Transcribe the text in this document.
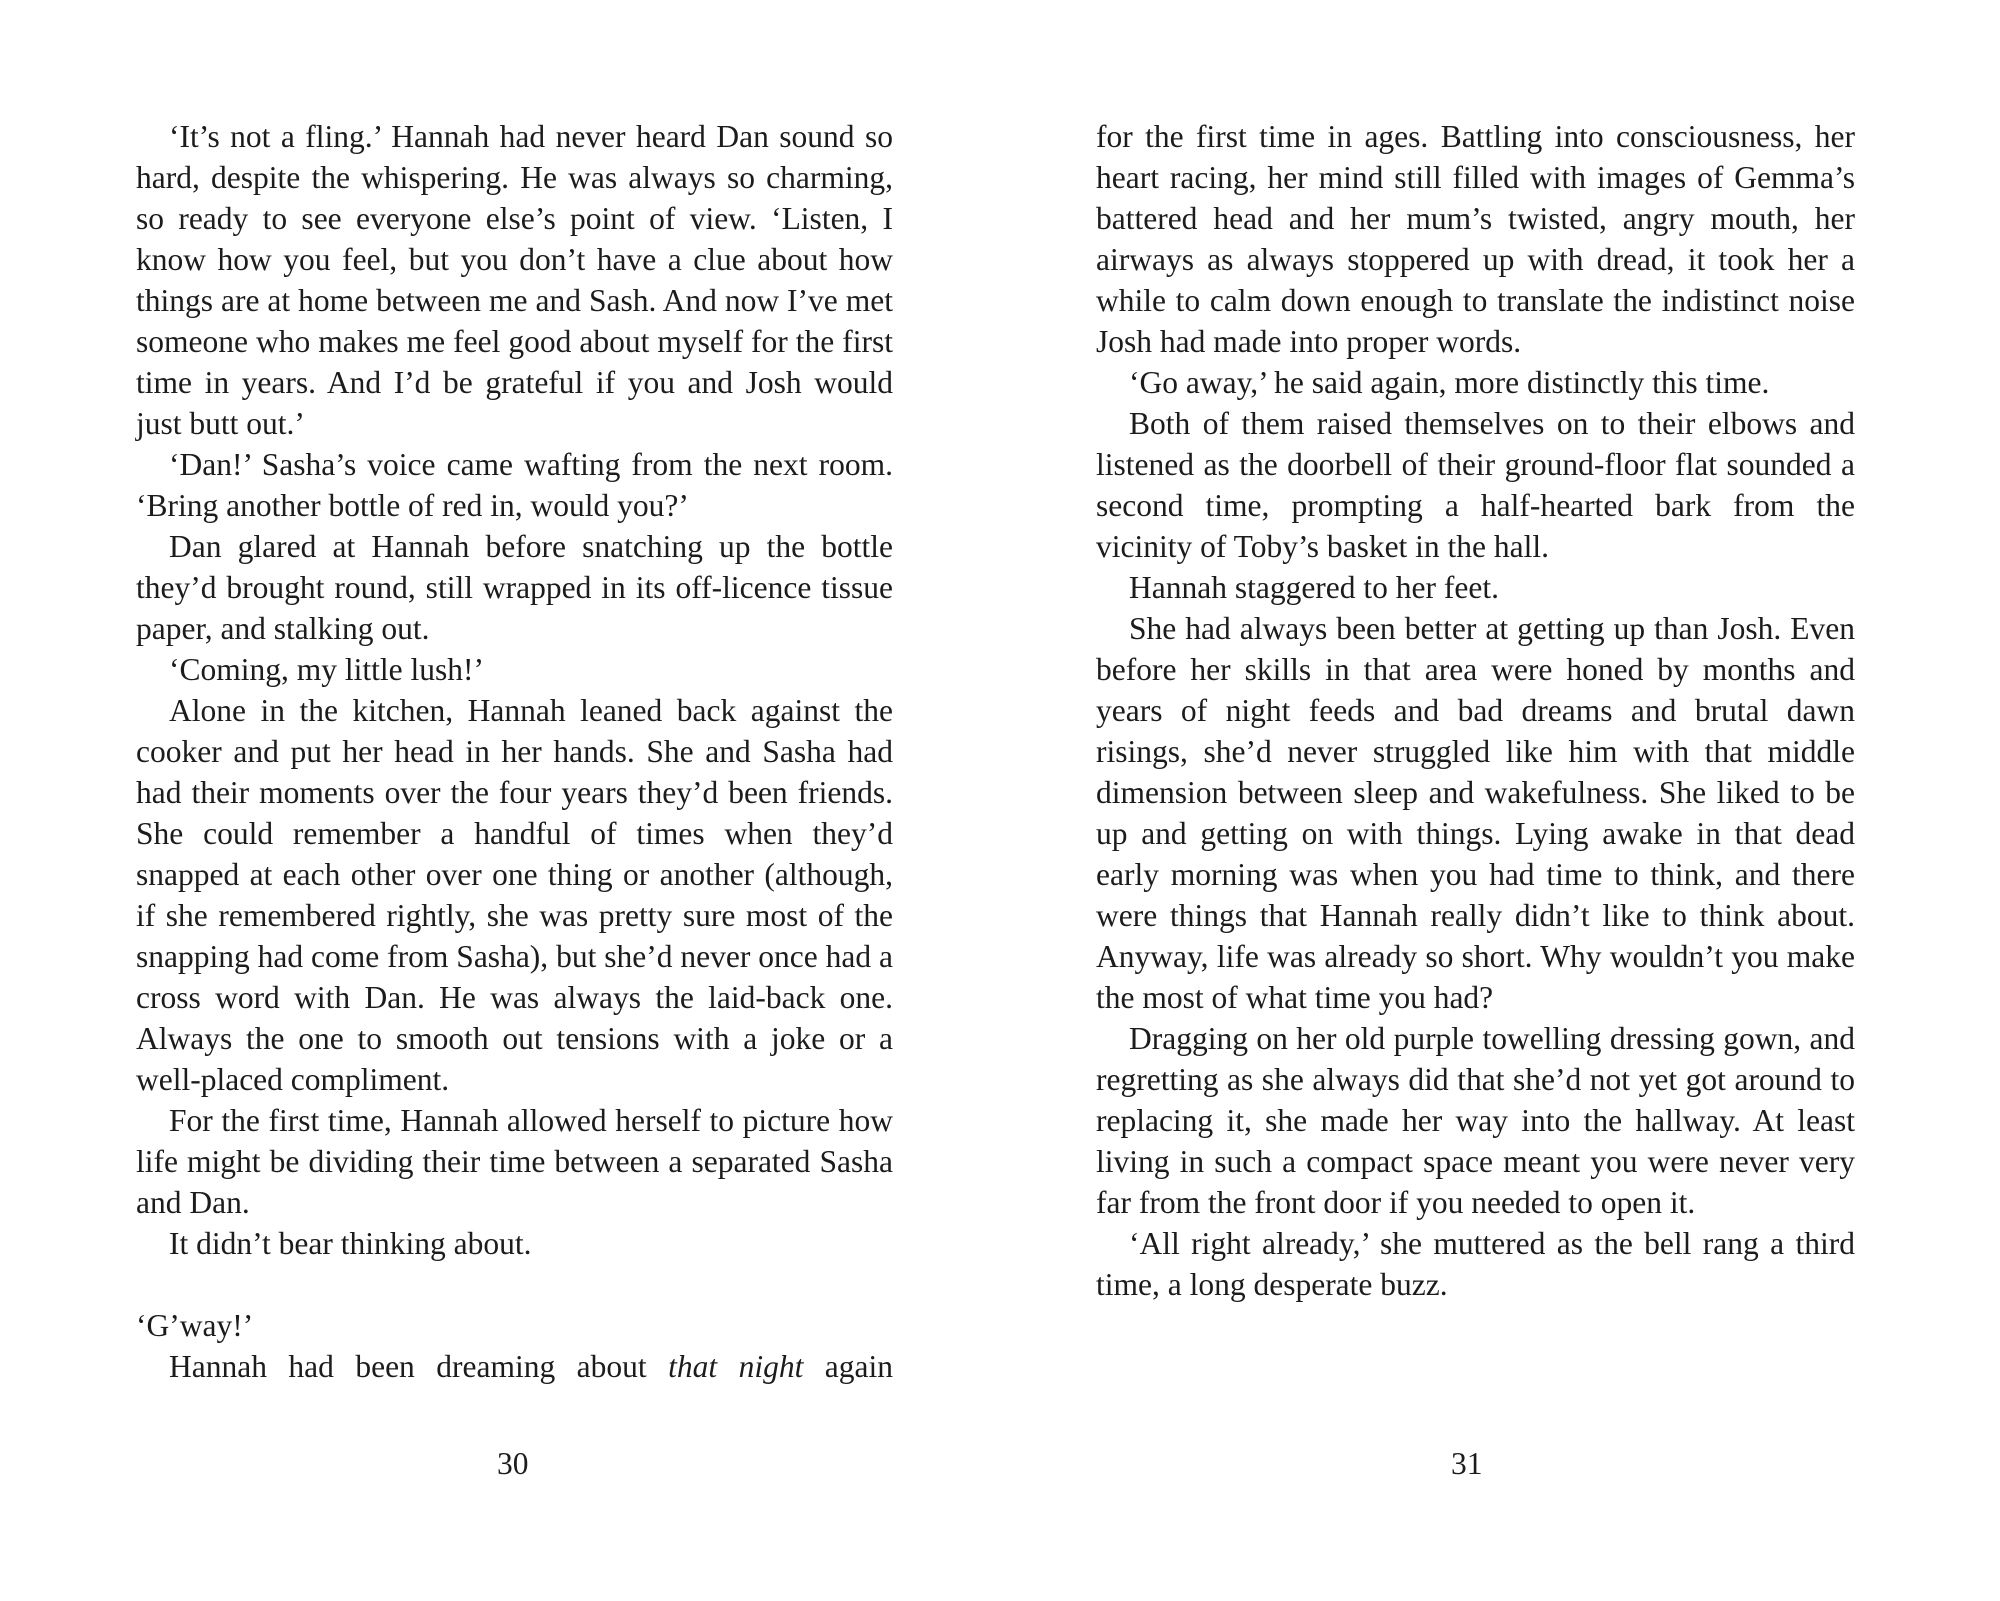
‘It’s not a fling.’ Hannah had never heard Dan sound so hard, despite the whispering. He was always so charming, so ready to see everyone else’s point of view. ‘Listen, I know how you feel, but you don’t have a clue about how things are at home between me and Sash. And now I’ve met someone who makes me feel good about myself for the first time in years. And I’d be grateful if you and Josh would just butt out.’

‘Dan!’ Sasha’s voice came wafting from the next room. ‘Bring another bottle of red in, would you?’

Dan glared at Hannah before snatching up the bottle they’d brought round, still wrapped in its off-licence tissue paper, and stalking out.

‘Coming, my little lush!’

Alone in the kitchen, Hannah leaned back against the cooker and put her head in her hands. She and Sasha had had their moments over the four years they’d been friends. She could remember a handful of times when they’d snapped at each other over one thing or another (although, if she remembered rightly, she was pretty sure most of the snapping had come from Sasha), but she’d never once had a cross word with Dan. He was always the laid-back one. Always the one to smooth out tensions with a joke or a well-placed compliment.

For the first time, Hannah allowed herself to picture how life might be dividing their time between a separated Sasha and Dan.

It didn’t bear thinking about.

‘G’way!’

Hannah had been dreaming about that night again

30

for the first time in ages. Battling into consciousness, her heart racing, her mind still filled with images of Gemma’s battered head and her mum’s twisted, angry mouth, her airways as always stoppered up with dread, it took her a while to calm down enough to translate the indistinct noise Josh had made into proper words.

‘Go away,’ he said again, more distinctly this time.

Both of them raised themselves on to their elbows and listened as the doorbell of their ground-floor flat sounded a second time, prompting a half-hearted bark from the vicinity of Toby’s basket in the hall.

Hannah staggered to her feet.

She had always been better at getting up than Josh. Even before her skills in that area were honed by months and years of night feeds and bad dreams and brutal dawn risings, she’d never struggled like him with that middle dimension between sleep and wakefulness. She liked to be up and getting on with things. Lying awake in that dead early morning was when you had time to think, and there were things that Hannah really didn’t like to think about. Anyway, life was already so short. Why wouldn’t you make the most of what time you had?

Dragging on her old purple towelling dressing gown, and regretting as she always did that she’d not yet got around to replacing it, she made her way into the hallway. At least living in such a compact space meant you were never very far from the front door if you needed to open it.

‘All right already,’ she muttered as the bell rang a third time, a long desperate buzz.

31
